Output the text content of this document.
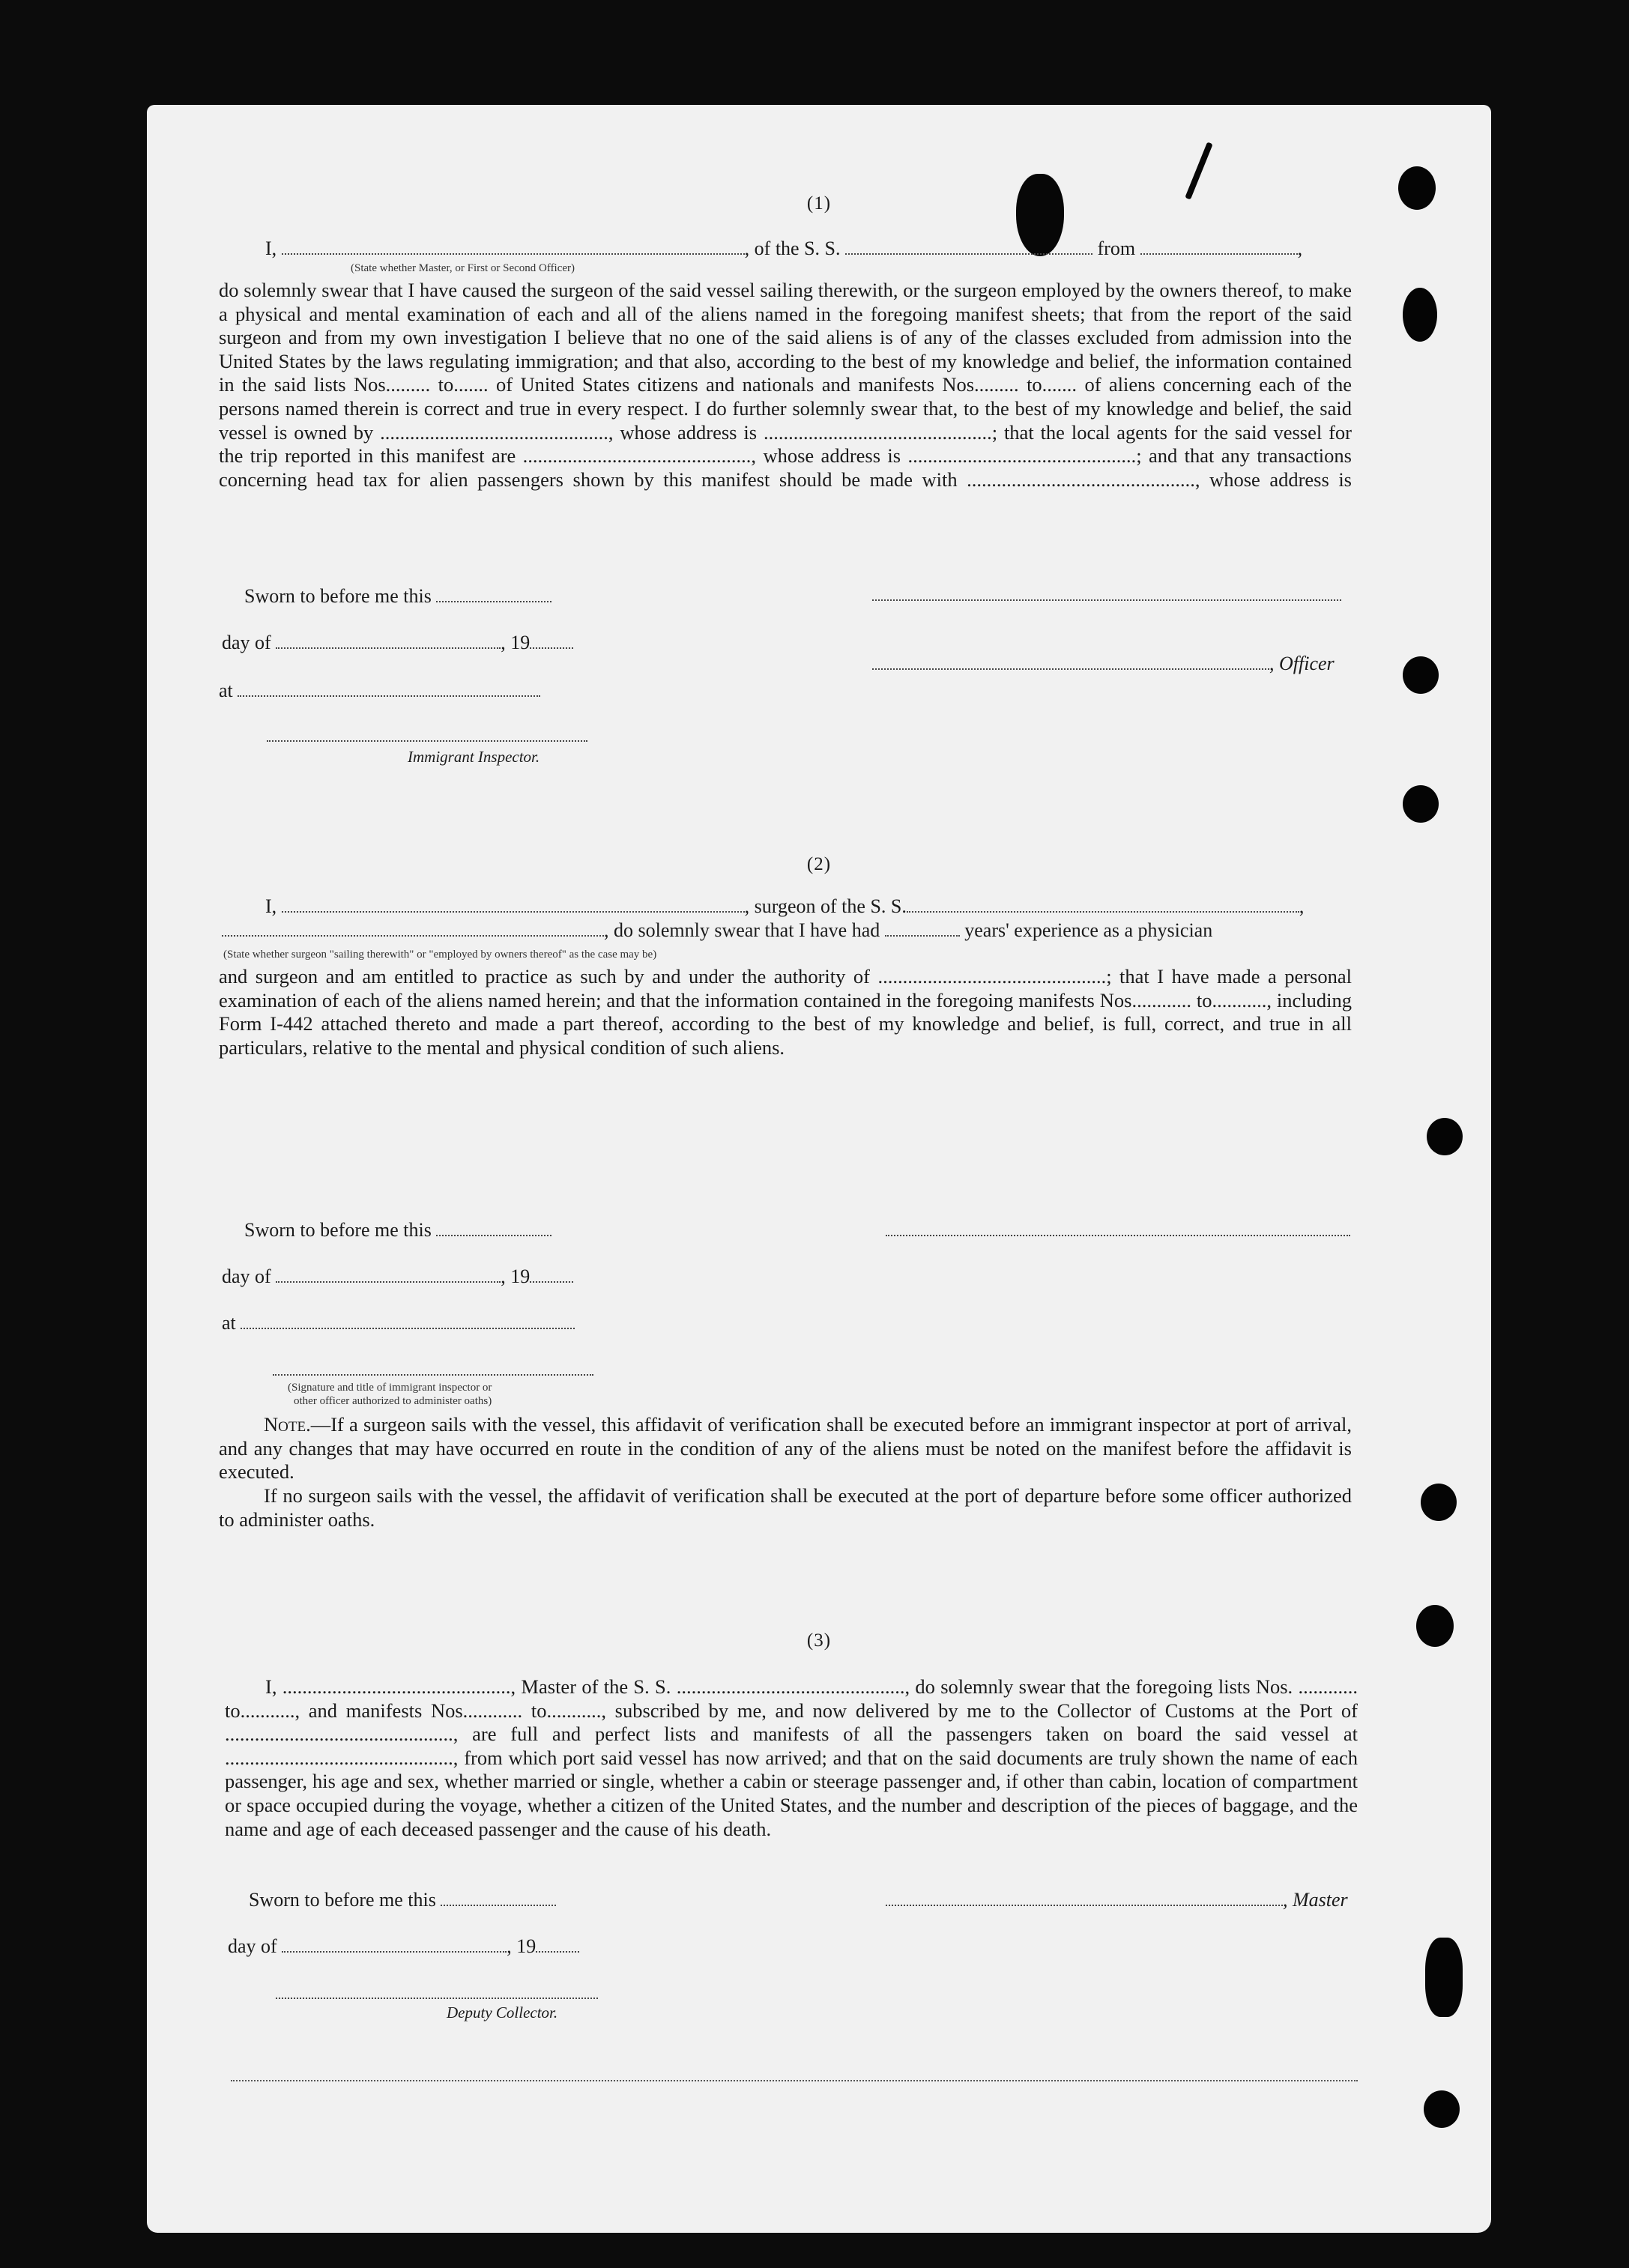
(1)
I,	, of the S. S.	from	,
(State whether Master, or First or Second Officer)
do solemnly swear that I have caused the surgeon of the said vessel sailing therewith, or the surgeon employed by the owners thereof, to make a physical and mental examination of each and all of the aliens named in the foregoing manifest sheets; that from the report of the said surgeon and from my own investigation I believe that no one of the said aliens is of any of the classes excluded from admission into the United States by the laws regulating immigration; and that also, according to the best of my knowledge and belief, the information contained in the said lists Nos......... to....... of United States citizens and nationals and manifests Nos......... to....... of aliens concerning each of the persons named therein is correct and true in every respect. I do further solemnly swear that, to the best of my knowledge and belief, the said vessel is owned by .............................................., whose address is ..............................................; that the local agents for the said vessel for the trip reported in this manifest are .............................................., whose address is ..............................................; and that any transactions concerning head tax for alien passengers shown by this manifest should be made with .............................................., whose address is
Sworn to before me this
day of	, 19
, Officer
at
Immigrant Inspector.
(2)
I,	, surgeon of the S. S.	,
, do solemnly swear that I have had	years' experience as a physician
(State whether surgeon "sailing therewith" or "employed by owners thereof" as the case may be)
and surgeon and am entitled to practice as such by and under the authority of ..............................................; that I have made a personal examination of each of the aliens named herein; and that the information contained in the foregoing manifests Nos............ to..........., including Form I-442 attached thereto and made a part thereof, according to the best of my knowledge and belief, is full, correct, and true in all particulars, relative to the mental and physical condition of such aliens.
Sworn to before me this
day of	, 19
at
(Signature and title of immigrant inspector or
other officer authorized to administer oaths)
Note.—If a surgeon sails with the vessel, this affidavit of verification shall be executed before an immigrant inspector at port of arrival, and any changes that may have occurred en route in the condition of any of the aliens must be noted on the manifest before the affidavit is executed.
If no surgeon sails with the vessel, the affidavit of verification shall be executed at the port of departure before some officer authorized to administer oaths.
(3)
I, .............................................., Master of the S. S. .............................................., do solemnly swear that the foregoing lists Nos. ............ to..........., and manifests Nos............ to..........., subscribed by me, and now delivered by me to the Collector of Customs at the Port of .............................................., are full and perfect lists and manifests of all the passengers taken on board the said vessel at .............................................., from which port said vessel has now arrived; and that on the said documents are truly shown the name of each passenger, his age and sex, whether married or single, whether a cabin or steerage passenger and, if other than cabin, location of compartment or space occupied during the voyage, whether a citizen of the United States, and the number and description of the pieces of baggage, and the name and age of each deceased passenger and the cause of his death.
Sworn to before me this	, Master
day of	, 19
Deputy Collector.
